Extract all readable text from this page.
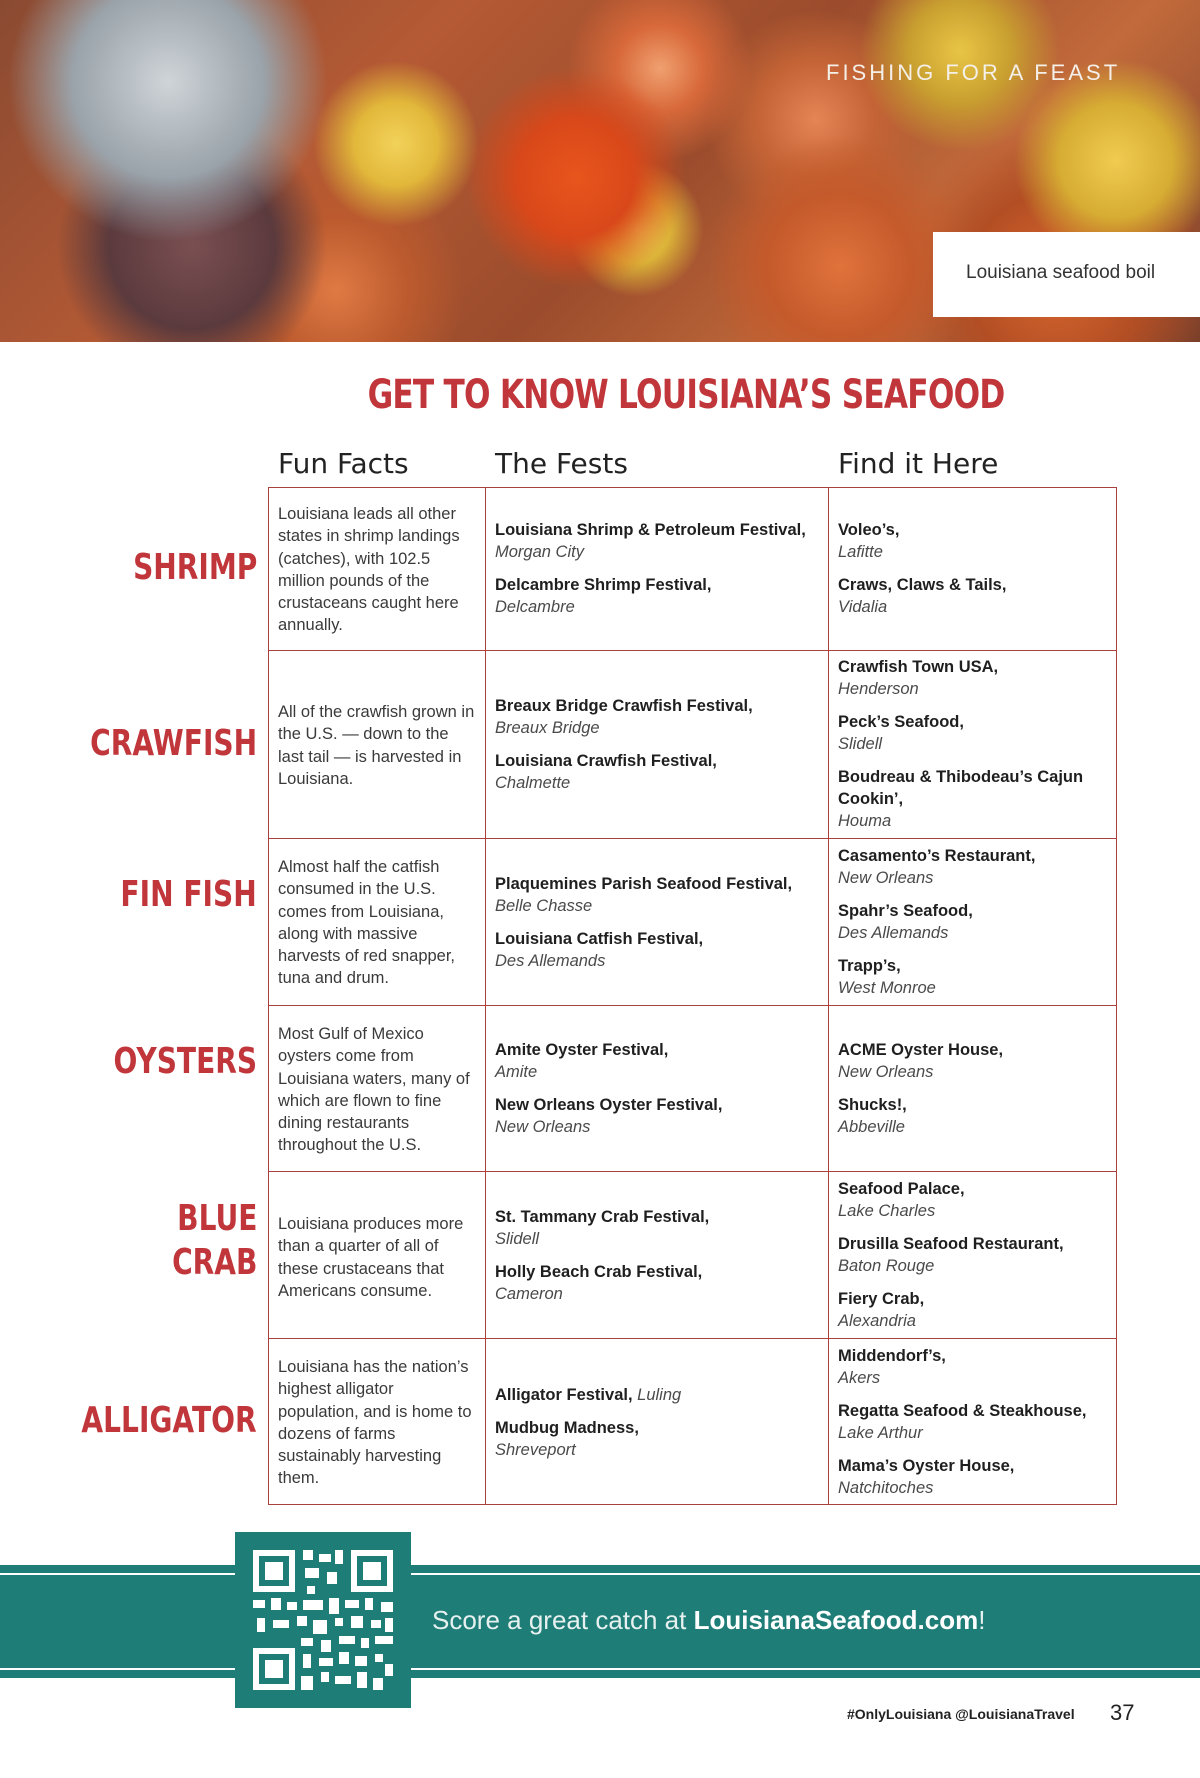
FISHING FOR A FEAST
Louisiana seafood boil
GET TO KNOW LOUISIANA’S SEAFOOD
Fun Facts	The Fests	Find it Here
SHRIMP
CRAWFISH
FIN FISH
OYSTERS
BLUE
CRAB
ALLIGATOR
Louisiana leads all other states in shrimp landings (catches), with 102.5 million pounds of the crustaceans caught here annually.
All of the crawfish grown in the U.S. — down to the last tail — is harvested in Louisiana.
Almost half the catfish consumed in the U.S. comes from Louisiana, along with massive harvests of red snapper, tuna and drum.
Most Gulf of Mexico oysters come from Louisiana waters, many of which are flown to fine dining restaurants throughout the U.S.
Louisiana produces more than a quarter of all of these crustaceans that Americans consume.
Louisiana has the nation’s highest alligator population, and is home to dozens of farms sustainably harvesting them.
Louisiana Shrimp & Petroleum Festival, Morgan City
Delcambre Shrimp Festival,
Delcambre
Breaux Bridge Crawfish Festival,
Breaux Bridge
Louisiana Crawfish Festival,
Chalmette
Plaquemines Parish Seafood Festival,
Belle Chasse
Louisiana Catfish Festival,
Des Allemands
Amite Oyster Festival,
Amite
New Orleans Oyster Festival,
New Orleans
St. Tammany Crab Festival,
Slidell
Holly Beach Crab Festival,
Cameron
Alligator Festival, Luling
Mudbug Madness,
Shreveport
Voleo’s,
Lafitte
Craws, Claws & Tails,
Vidalia
Crawfish Town USA,
Henderson
Peck’s Seafood,
Slidell
Boudreau & Thibodeau’s Cajun Cookin’,
Houma
Casamento’s Restaurant,
New Orleans
Spahr’s Seafood,
Des Allemands
Trapp’s,
West Monroe
ACME Oyster House,
New Orleans
Shucks!,
Abbeville
Seafood Palace,
Lake Charles
Drusilla Seafood Restaurant,
Baton Rouge
Fiery Crab,
Alexandria
Middendorf’s,
Akers
Regatta Seafood & Steakhouse,
Lake Arthur
Mama’s Oyster House,
Natchitoches
Score a great catch at LouisianaSeafood.com!
#OnlyLouisiana @LouisianaTravel 37
